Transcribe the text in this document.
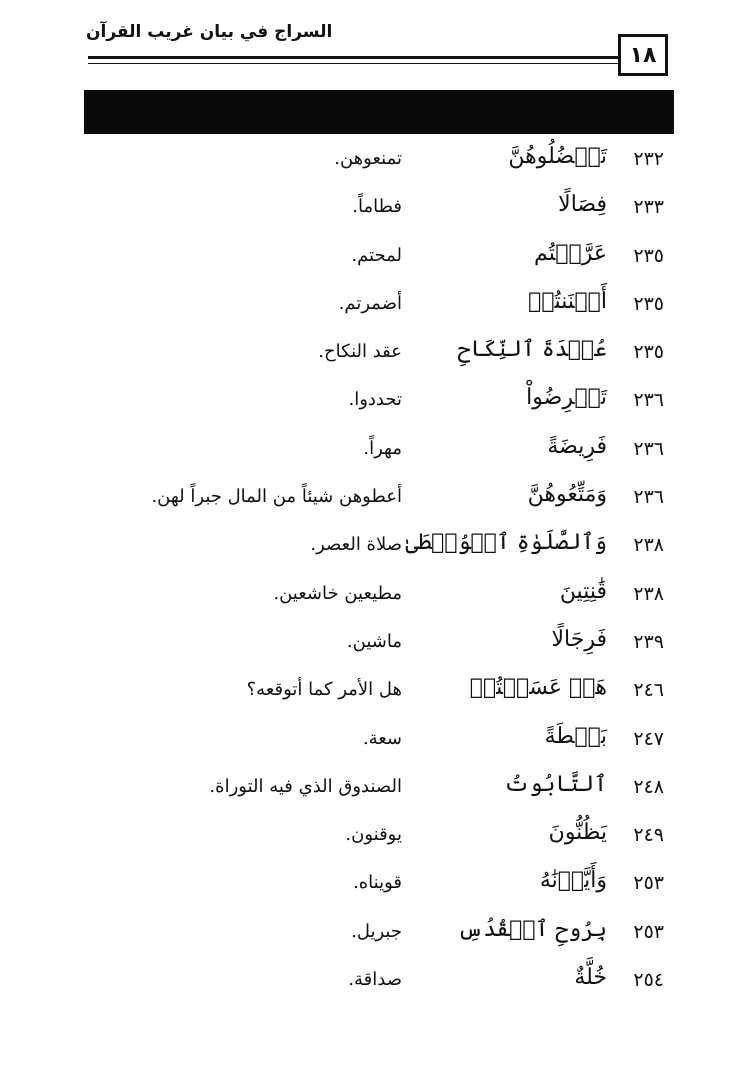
السراج في بيان غريب القرآن
١٨
٢٣٢
تَعۡضُلُوهُنَّ
تمنعوهن.
٢٣٣
فِصَالًا
فطاماً.
٢٣٥
عَرَّضۡتُم
لمحتم.
٢٣٥
أَكۡنَنتُمۡ
أضمرتم.
٢٣٥
عُقۡدَةَ ٱلنِّكَاحِ
عقد النكاح.
٢٣٦
تَفۡرِضُواْ
تحددوا.
٢٣٦
فَرِيضَةً
مهراً.
٢٣٦
وَمَتِّعُوهُنَّ
أعطوهن شيئاً من المال جبراً لهن.
٢٣٨
وَٱلصَّلَوٰةِ ٱلۡوُسۡطَىٰ
صلاة العصر.
٢٣٨
قَٰنِتِينَ
مطيعين خاشعين.
٢٣٩
فَرِجَالًا
ماشين.
٢٤٦
هَلۡ عَسَيۡتُمۡ
هل الأمر كما أتوقعه؟
٢٤٧
بَسۡطَةً
سعة.
٢٤٨
ٱلتَّابُوتُ
الصندوق الذي فيه التوراة.
٢٤٩
يَظُنُّونَ
يوقنون.
٢٥٣
وَأَيَّدۡنَٰهُ
قويناه.
٢٥٣
بِرُوحِ ٱلۡقُدُسِ
جبريل.
٢٥٤
خُلَّةٌ
صداقة.
